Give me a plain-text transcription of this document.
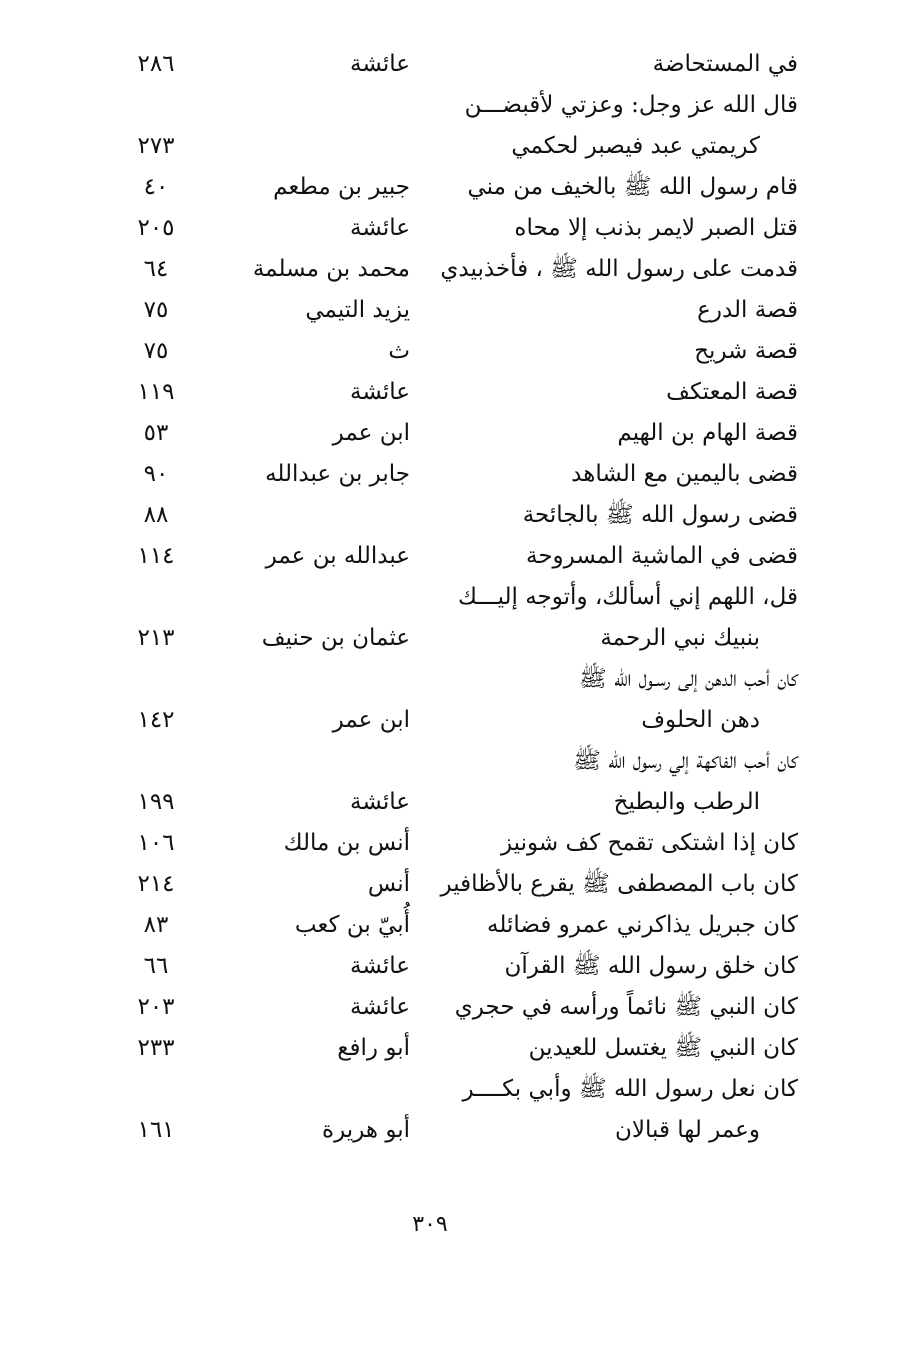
في المستحاضة
عائشة
٢٨٦
قال الله عز وجل: وعزتي لأقبضـــن
كريمتي عبد فيصبر لحكمي
٢٧٣
قام رسول الله ﷺ بالخيف من مني
جبير بن مطعم
٤٠
قتل الصبر لايمر بذنب إلا محاه
عائشة
٢٠٥
قدمت على رسول الله ﷺ ، فأخذبيدي
محمد بن مسلمة
٦٤
قصة الدرع
يزيد التيمي
٧٥
قصة شريح
ث
٧٥
قصة المعتكف
عائشة
١١٩
قصة الهام بن الهيم
ابن عمر
٥٣
قضى باليمين مع الشاهد
جابر بن عبدالله
٩٠
قضى رسول الله ﷺ بالجائحة
٨٨
قضى في الماشية المسروحة
عبدالله بن عمر
١١٤
قل، اللهم إني أسألك، وأتوجه إليـــك
بنبيك نبي الرحمة
عثمان بن حنيف
٢١٣
كان أحب الدهن إلى رسـول الله ﷺ
دهن الحلوف
ابن عمر
١٤٢
كان أحب الفاكهة إلي رسول الله ﷺ
الرطب والبطيخ
عائشة
١٩٩
كان إذا اشتكى تقمح كف شونيز
أنس بن مالك
١٠٦
كان باب المصطفى ﷺ يقرع بالأظافير
أنس
٢١٤
كان جبريل يذاكرني عمرو فضائله
أُبيّ بن كعب
٨٣
كان خلق رسول الله ﷺ القرآن
عائشة
٦٦
كان النبي ﷺ نائماً ورأسه في حجري
عائشة
٢٠٣
كان النبي ﷺ يغتسل للعيدين
أبو رافع
٢٣٣
كان نعل رسول الله ﷺ وأبي بكــــر
وعمر لها قبالان
أبو هريرة
١٦١
٣٠٩
